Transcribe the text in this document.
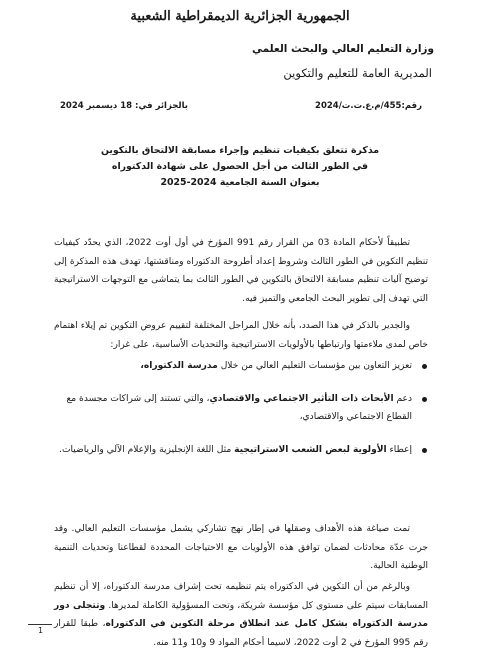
الجمهورية الجزائرية الديمقراطية الشعبية
وزارة التعليم العالي والبحث العلمي
المديرية العامة للتعليم والتكوين
رقم:455/م.ع.ت.ت/2024
بالجزائر في: 18 ديسمبر 2024
مذكرة تتعلق بكيفيات تنظيم وإجراء مسابقة الالتحاق بالتكوين
في الطور الثالث من أجل الحصول على شهادة الدكتوراه
بعنوان السنة الجامعية 2024-2025
تطبيقاً لأحكام المادة 03 من القرار رقم 991 المؤرخ في أول أوت 2022، الذي يحدّد كيفيات تنظيم التكوين في الطور الثالث وشروط إعداد أطروحة الدكتوراه ومناقشتها، تهدف هذه المذكرة إلى توضيح آليات تنظيم مسابقة الالتحاق بالتكوين في الطور الثالث بما يتماشى مع التوجهات الاستراتيجية التي تهدف إلى تطوير البحث الجامعي والتميز فيه.
والجدير بالذكر في هذا الصدد، بأنه خلال المراحل المختلفة لتقييم عروض التكوين تم إيلاء اهتمام خاص لمدى ملاءمتها وارتباطها بالأولويات الاستراتيجية والتحديات الأساسية، على غرار:
تعزيز التعاون بين مؤسسات التعليم العالي من خلال مدرسة الدكتوراه،
دعم الأبحاث ذات التأثير الاجتماعي والاقتصادي، والتي تستند إلى شراكات مجسدة مع القطاع الاجتماعي والاقتصادي،
إعطاء الأولوية لبعض الشعب الاستراتيجية مثل اللغة الإنجليزية والإعلام الآلي والرياضيات.
تمت صياغة هذه الأهداف وصقلها في إطار نهج تشاركي يشمل مؤسسات التعليم العالي. وقد جرت عدّة محادثات لضمان توافق هذه الأولويات مع الاحتياجات المحددة لقطاعنا وتحديات التنمية الوطنية الحالية.
وبالرغم من أن التكوين في الدكتوراه يتم تنظيمه تحت إشراف مدرسة الدكتوراه، إلا أن تنظيم المسابقات سيتم على مستوى كل مؤسسة شريكة، وتحت المسؤولية الكاملة لمديرها. وتتجلى دور مدرسة الدكتوراه بشكل كامل عند انطلاق مرحلة التكوين في الدكتوراه، طبقا للقرار رقم 995 المؤرخ في 2 أوت 2022، لاسيما أحكام المواد 9 و10 و11 منه.
1
